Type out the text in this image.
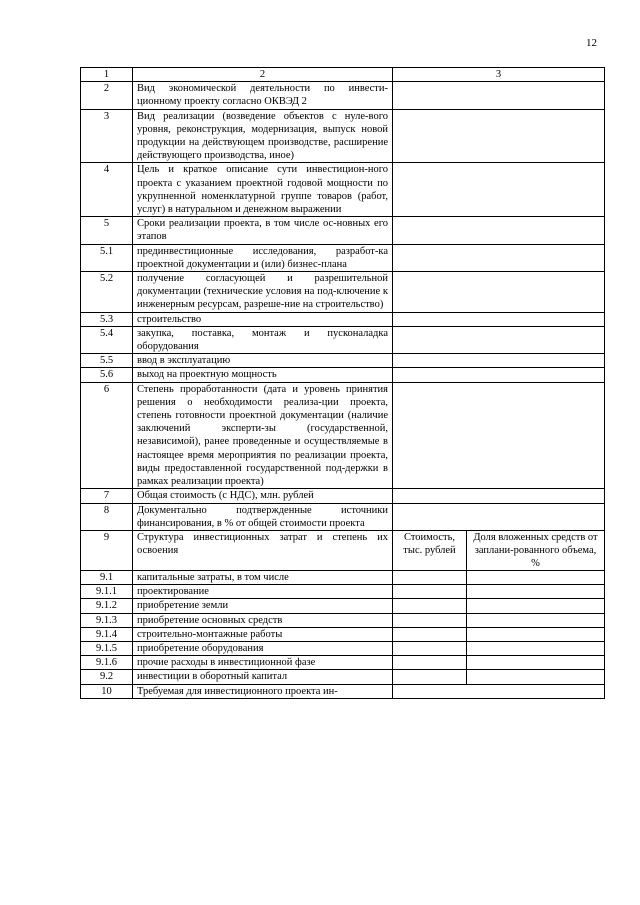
12
1	2	3	
2	Вид экономической деятельности по инвести-ционному проекту согласно ОКВЭД 2		
3	Вид реализации (возведение объектов с нуле-вого уровня, реконструкция, модернизация, выпуск новой продукции на действующем производстве, расширение действующего производства, иное)		
4	Цель и краткое описание сути инвестицион-ного проекта с указанием проектной годовой мощности по укрупненной номенклатурной группе товаров (работ, услуг) в натуральном и денежном выражении		
5	Сроки реализации проекта, в том числе ос-новных его этапов		
5.1	прединвестиционные исследования, разработ-ка проектной документации и (или) бизнес-плана		
5.2	получение согласующей и разрешительной документации (технические условия на под-ключение к инженерным ресурсам, разреше-ние на строительство)		
5.3	строительство		
5.4	закупка, поставка, монтаж и пусконаладка оборудования		
5.5	ввод в эксплуатацию		
5.6	выход на проектную мощность		
6	Степень проработанности (дата и уровень принятия решения о необходимости реализа-ции проекта, степень готовности проектной документации (наличие заключений эксперти-зы (государственной, независимой), ранее проведенные и осуществляемые в настоящее время мероприятия по реализации проекта, виды предоставленной государственной под-держки в рамках реализации проекта)		
7	Общая стоимость (с НДС), млн. рублей		
8	Документально подтвержденные источники финансирования, в % от общей стоимости проекта		
9	Структура инвестиционных затрат и степень их освоения	Стоимость, тыс. рублей	Доля вложенных средств от заплани-рованного объема, %
9.1	капитальные затраты, в том числе		
9.1.1	проектирование		
9.1.2	приобретение земли		
9.1.3	приобретение основных средств		
9.1.4	строительно-монтажные работы		
9.1.5	приобретение оборудования		
9.1.6	прочие расходы в инвестиционной фазе		
9.2	инвестиции в оборотный капитал		
10	Требуемая для инвестиционного проекта ин-		
